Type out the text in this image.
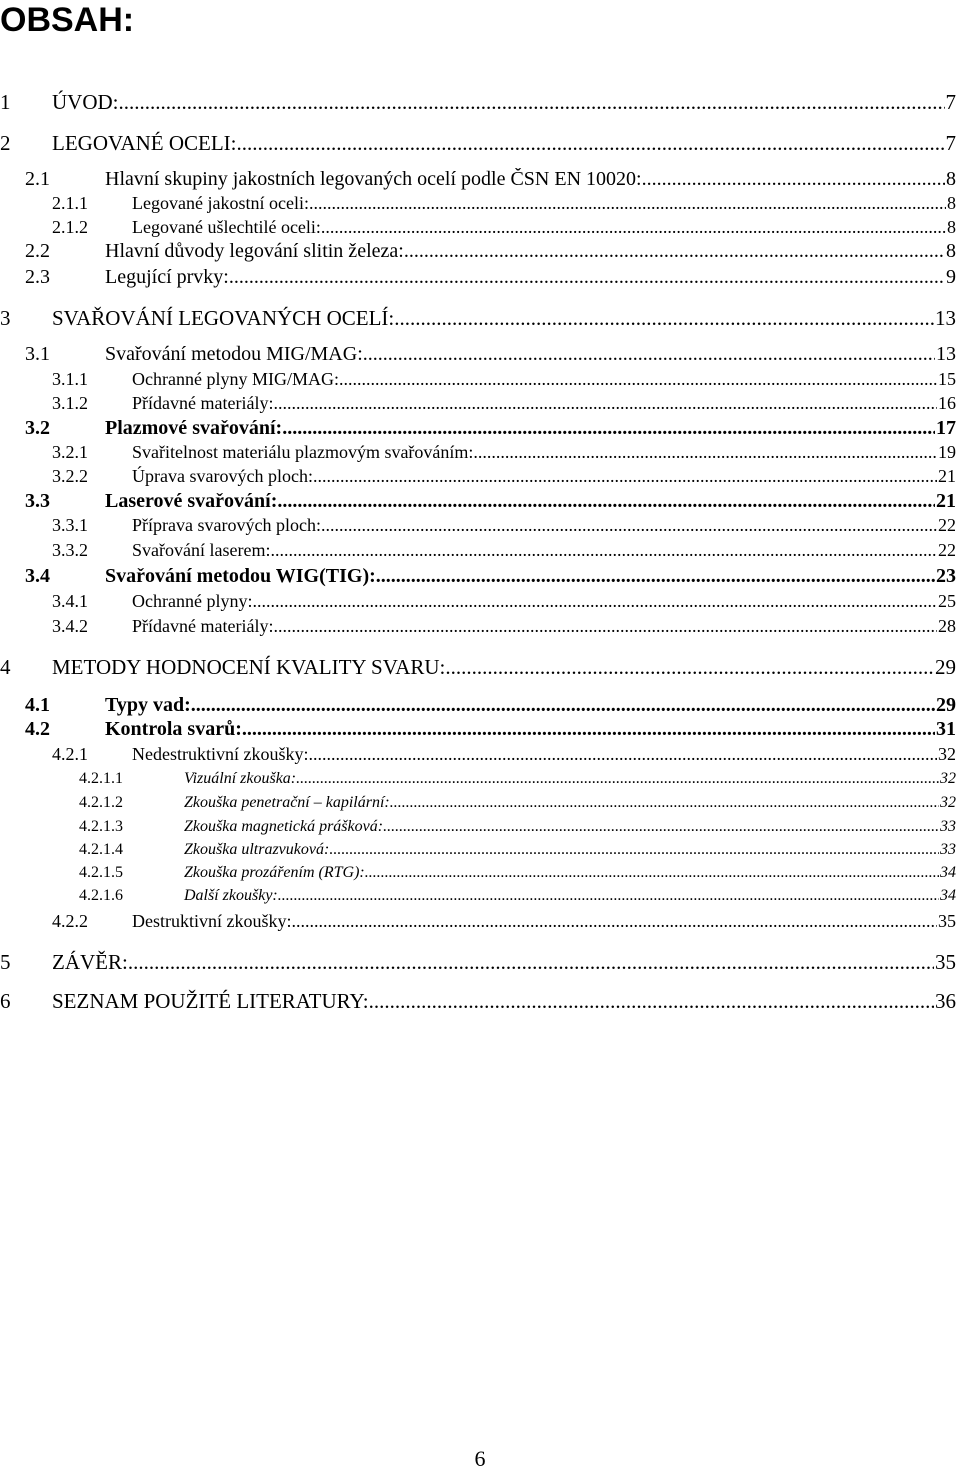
OBSAH:
1	ÚVOD: .....	7
2	LEGOVANÉ OCELI: .....	7
2.1	Hlavní skupiny jakostních legovaných ocelí podle ČSN EN 10020: .....	8
2.1.1	Legované jakostní oceli: .....	8
2.1.2	Legované ušlechtilé oceli: .....	8
2.2	Hlavní důvody legování slitin železa: .....	8
2.3	Legující prvky: .....	9
3	SVAŘOVÁNÍ LEGOVANÝCH OCELÍ: .....	13
3.1	Svařování metodou MIG/MAG: .....	13
3.1.1	Ochranné plyny MIG/MAG: .....	15
3.1.2	Přídavné materiály: .....	16
3.2	Plazmové svařování: .....	17
3.2.1	Svařitelnost materiálu plazmovým svařováním: .....	19
3.2.2	Úprava svarových ploch: .....	21
3.3	Laserové svařování: .....	21
3.3.1	Příprava svarových ploch: .....	22
3.3.2	Svařování laserem: .....	22
3.4	Svařování metodou WIG(TIG): .....	23
3.4.1	Ochranné plyny: .....	25
3.4.2	Přídavné materiály: .....	28
4	METODY HODNOCENÍ KVALITY SVARU: .....	29
4.1	Typy vad: .....	29
4.2	Kontrola svarů: .....	31
4.2.1	Nedestruktivní zkoušky: .....	32
4.2.1.1	Vizuální zkouška: .....	32
4.2.1.2	Zkouška penetrační – kapilární: .....	32
4.2.1.3	Zkouška magnetická prášková: .....	33
4.2.1.4	Zkouška ultrazvuková: .....	33
4.2.1.5	Zkouška prozářením (RTG): .....	34
4.2.1.6	Další zkoušky: .....	34
4.2.2	Destruktivní zkoušky: .....	35
5	ZÁVĚR: .....	35
6	SEZNAM POUŽITÉ LITERATURY: .....	36
6
